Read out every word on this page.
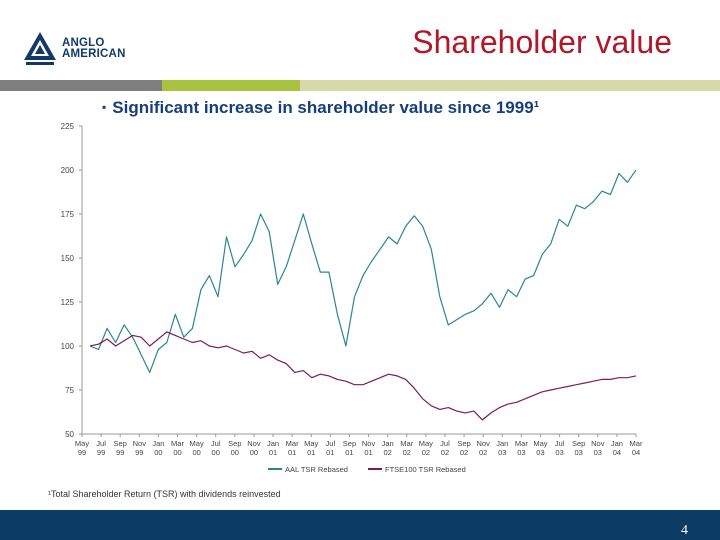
ANGLO
AMERICAN	Shareholder value
▪ Significant increase in shareholder value since 1999¹
50
75
100
125
150
175
200
225
May
99
Jul
99
Sep
99
Nov
99
Jan
00
Mar
00
May
00
Jul
00
Sep
00
Nov
00
Jan
01
Mar
01
May
01
Jul
01
Sep
01
Nov
01
Jan
02
Mar
02
May
02
Jul
02
Sep
02
Nov
02
Jan
03
Mar
03
May
03
Jul
03
Sep
03
Nov
03
Jan
04
Mar
04
AAL TSR Rebased	FTSE100 TSR Rebased
¹Total Shareholder Return (TSR) with dividends reinvested
4
